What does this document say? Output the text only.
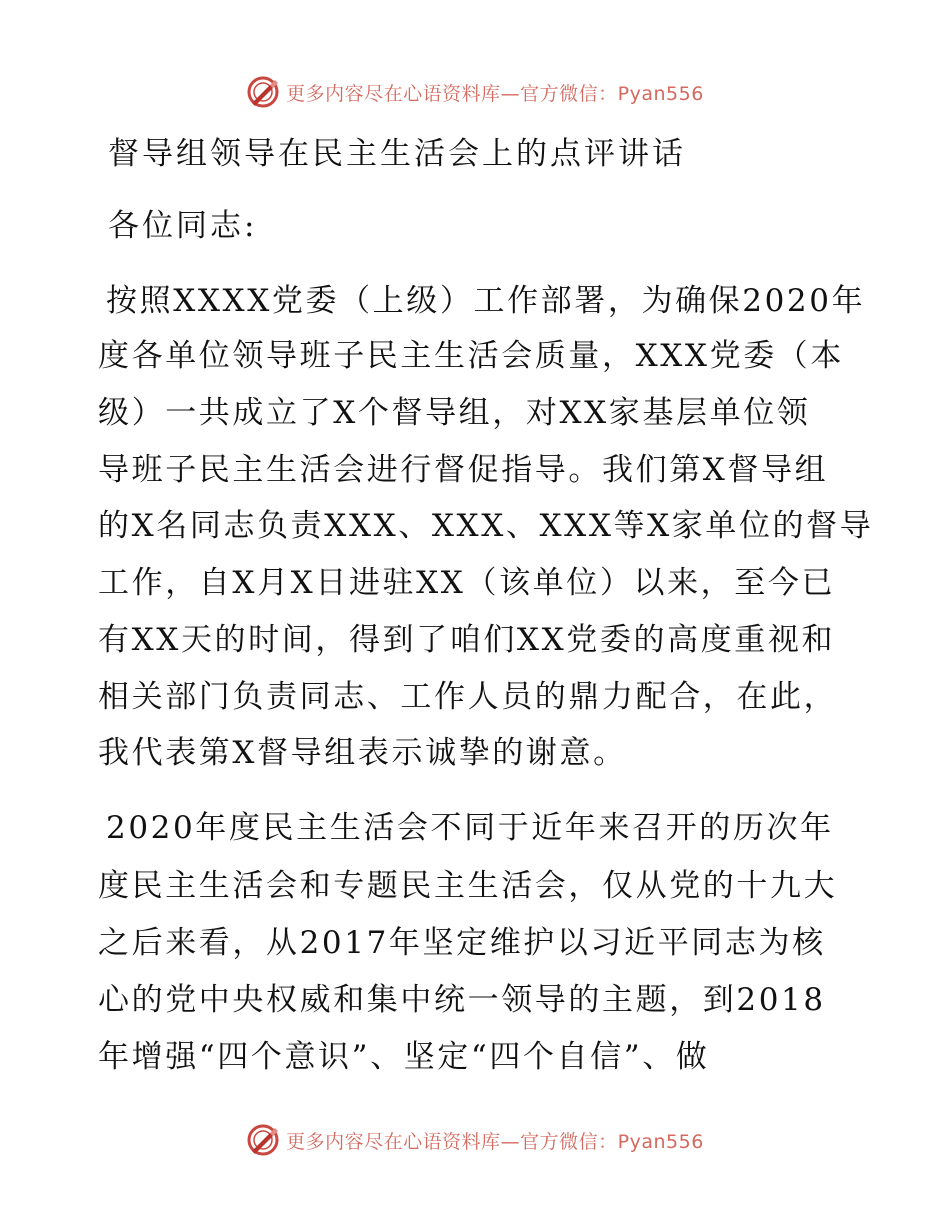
更多内容尽在心语资料库—官方微信：Pyan556
督导组领导在民主生活会上的点评讲话
各位同志:
按照XXXX党委（上级）工作部署，为确保2020年
度各单位领导班子民主生活会质量，XXX党委（本
级）一共成立了X个督导组，对XX家基层单位领
导班子民主生活会进行督促指导。我们第X督导组
的X名同志负责XXX、XXX、XXX等X家单位的督导
工作，自X月X日进驻XX（该单位）以来，至今已
有XX天的时间，得到了咱们XX党委的高度重视和
相关部门负责同志、工作人员的鼎力配合，在此，
我代表第X督导组表示诚挚的谢意。
2020年度民主生活会不同于近年来召开的历次年
度民主生活会和专题民主生活会，仅从党的十九大
之后来看，从2017年坚定维护以习近平同志为核
心的党中央权威和集中统一领导的主题，到2018
年增强“四个意识”、坚定“四个自信”、做
更多内容尽在心语资料库—官方微信：Pyan556
